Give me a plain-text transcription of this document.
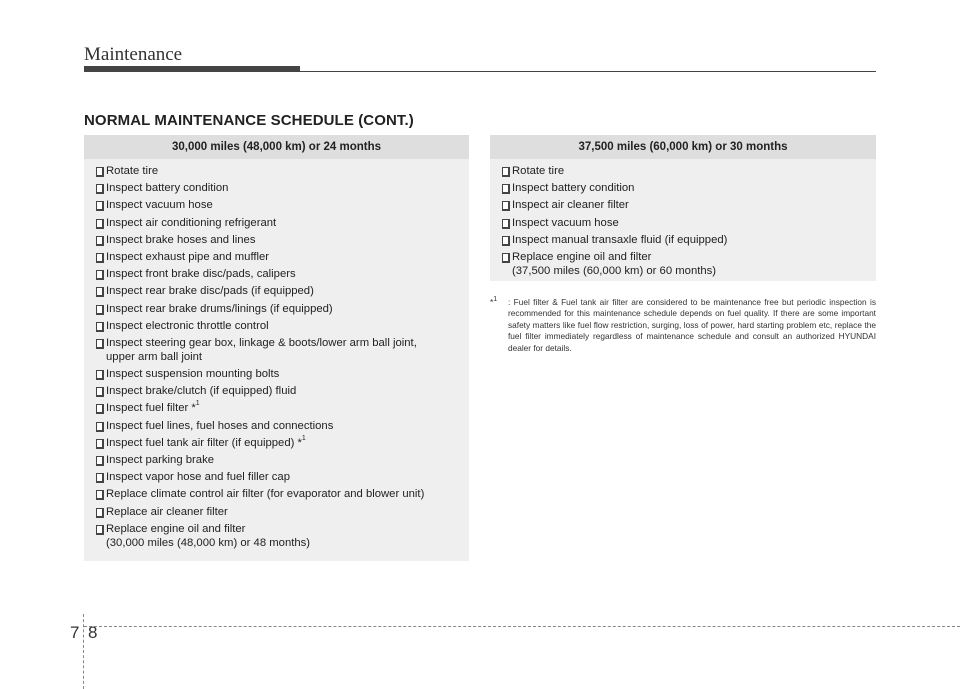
Maintenance
NORMAL MAINTENANCE SCHEDULE (CONT.)
30,000 miles (48,000 km) or 24 months
Rotate tire
Inspect battery condition
Inspect vacuum hose
Inspect air conditioning refrigerant
Inspect brake hoses and lines
Inspect exhaust pipe and muffler
Inspect front brake disc/pads, calipers
Inspect rear brake disc/pads (if equipped)
Inspect rear brake drums/linings (if equipped)
Inspect electronic throttle control
Inspect steering gear box, linkage & boots/lower arm ball joint,
upper arm ball joint
Inspect suspension mounting bolts
Inspect brake/clutch (if equipped) fluid
Inspect fuel filter *$^1$
Inspect fuel lines, fuel hoses and connections
Inspect fuel tank air filter (if equipped) *$^1$
Inspect parking brake
Inspect vapor hose and fuel filler cap
Replace climate control air filter (for evaporator and blower unit)
Replace air cleaner filter
Replace engine oil and filter
(30,000 miles (48,000 km) or 48 months)
37,500 miles (60,000 km) or 30 months
Rotate tire
Inspect battery condition
Inspect air cleaner filter
Inspect vacuum hose
Inspect manual transaxle fluid (if equipped)
Replace engine oil and filter
(37,500 miles (60,000 km) or 60 months)
*$^1$	: Fuel filter & Fuel tank air filter are considered to be maintenance free but periodic inspection is recommended for this maintenance schedule depends on fuel quality. If there are some important safety matters like fuel flow restriction, surging, loss of power, hard starting problem etc, replace the fuel filter immediately regardless of maintenance schedule and consult an authorized HYUNDAI dealer for details.
7 8
